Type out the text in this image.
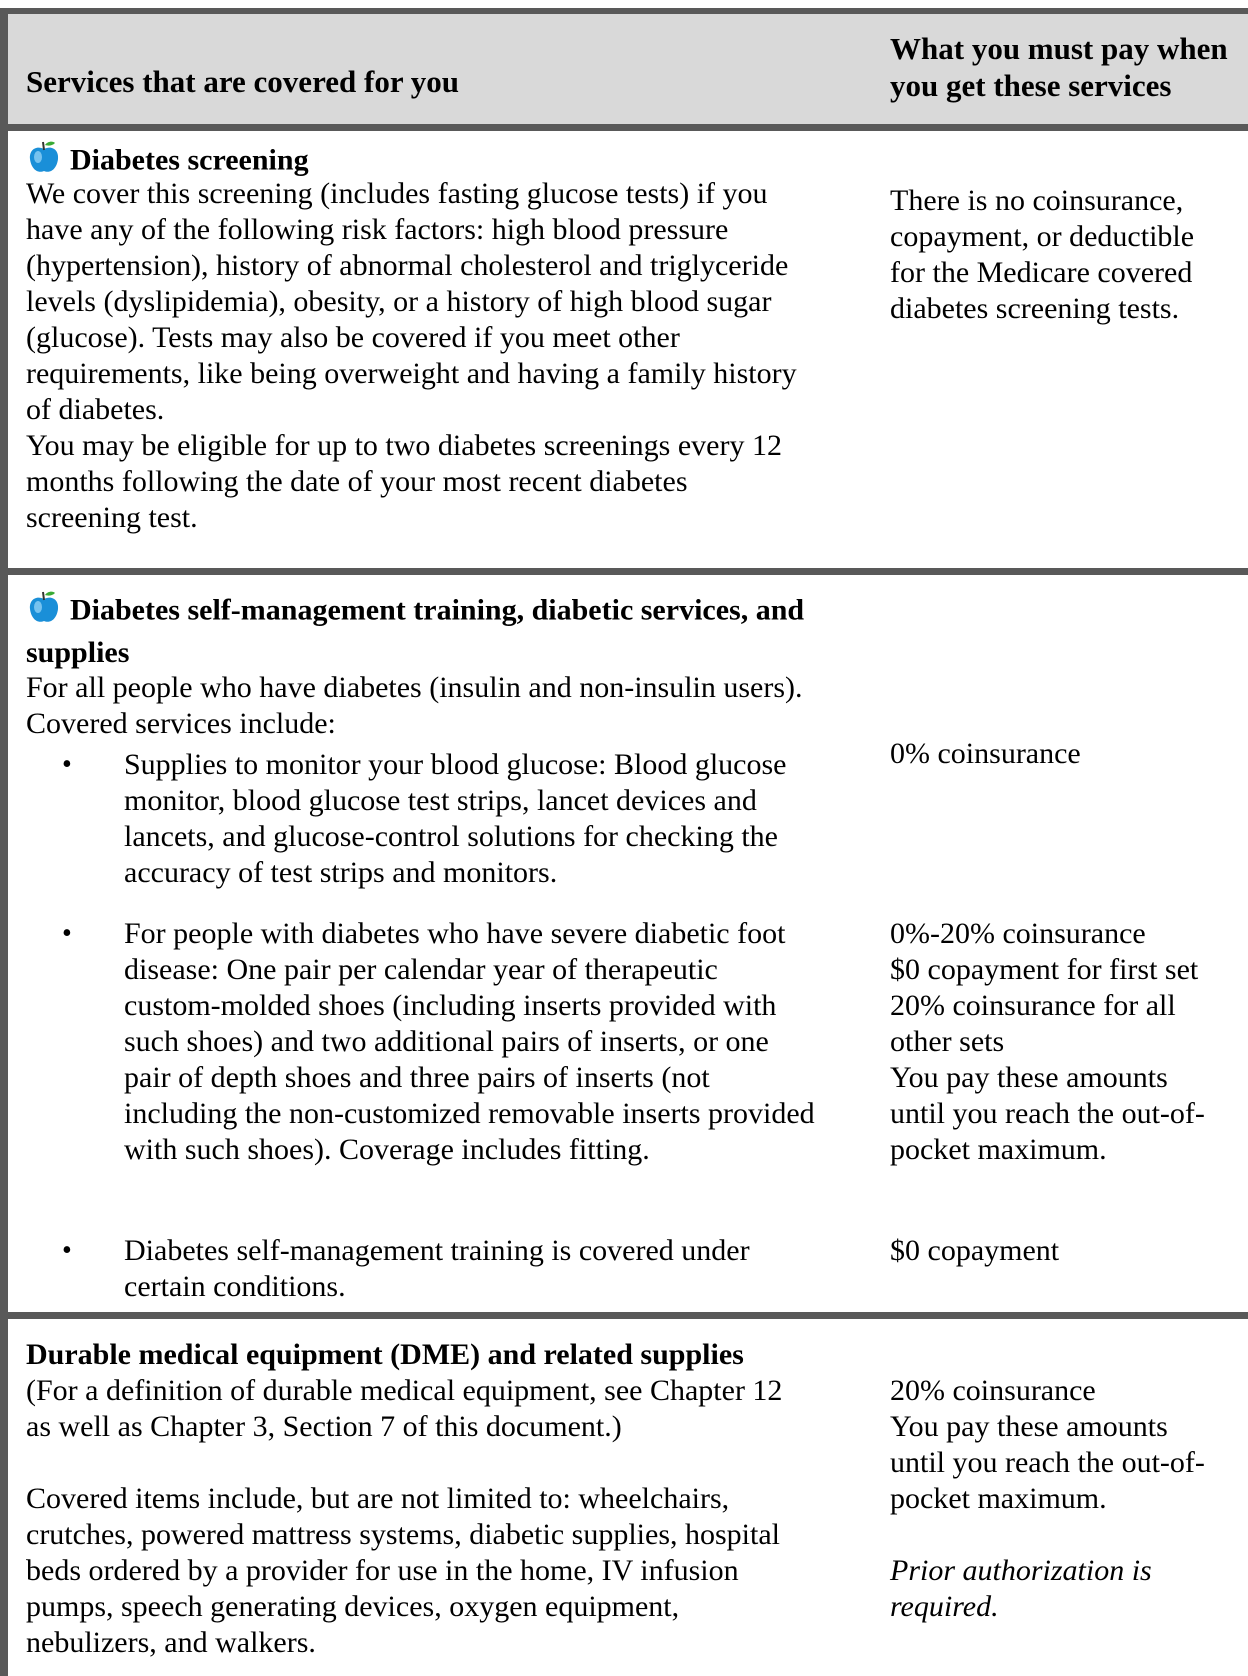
Services that are covered for you

What you must pay when

you get these services

Diabetes screening

We cover this screening (includes fasting glucose tests) if you

have any of the following risk factors: high blood pressure

(hypertension), history of abnormal cholesterol and triglyceride

levels (dyslipidemia), obesity, or a history of high blood sugar

(glucose). Tests may also be covered if you meet other

requirements, like being overweight and having a family history

of diabetes.

You may be eligible for up to two diabetes screenings every 12

months following the date of your most recent diabetes

screening test.

There is no coinsurance,

copayment, or deductible

for the Medicare covered

diabetes screening tests.

Diabetes self-management training, diabetic services, and

supplies

For all people who have diabetes (insulin and non-insulin users).

Covered services include:

• Supplies to monitor your blood glucose: Blood glucose

monitor, blood glucose test strips, lancet devices and

lancets, and glucose-control solutions for checking the

accuracy of test strips and monitors.

0% coinsurance
• For people with diabetes who have severe diabetic foot

disease: One pair per calendar year of therapeutic

custom-molded shoes (including inserts provided with

such shoes) and two additional pairs of inserts, or one

pair of depth shoes and three pairs of inserts (not

including the non-customized removable inserts provided

with such shoes). Coverage includes fitting.

0%-20% coinsurance

$0 copayment for first set

20% coinsurance for all

other sets

You pay these amounts

until you reach the out-of-

pocket maximum.

• Diabetes self-management training is covered under

certain conditions.

$0 copayment
Durable medical equipment (DME) and related supplies

(For a definition of durable medical equipment, see Chapter 12

as well as Chapter 3, Section 7 of this document.)

Covered items include, but are not limited to: wheelchairs,

crutches, powered mattress systems, diabetic supplies, hospital

beds ordered by a provider for use in the home, IV infusion

pumps, speech generating devices, oxygen equipment,

nebulizers, and walkers.

20% coinsurance

You pay these amounts

until you reach the out-of-

pocket maximum.

Prior authorization is

required.
